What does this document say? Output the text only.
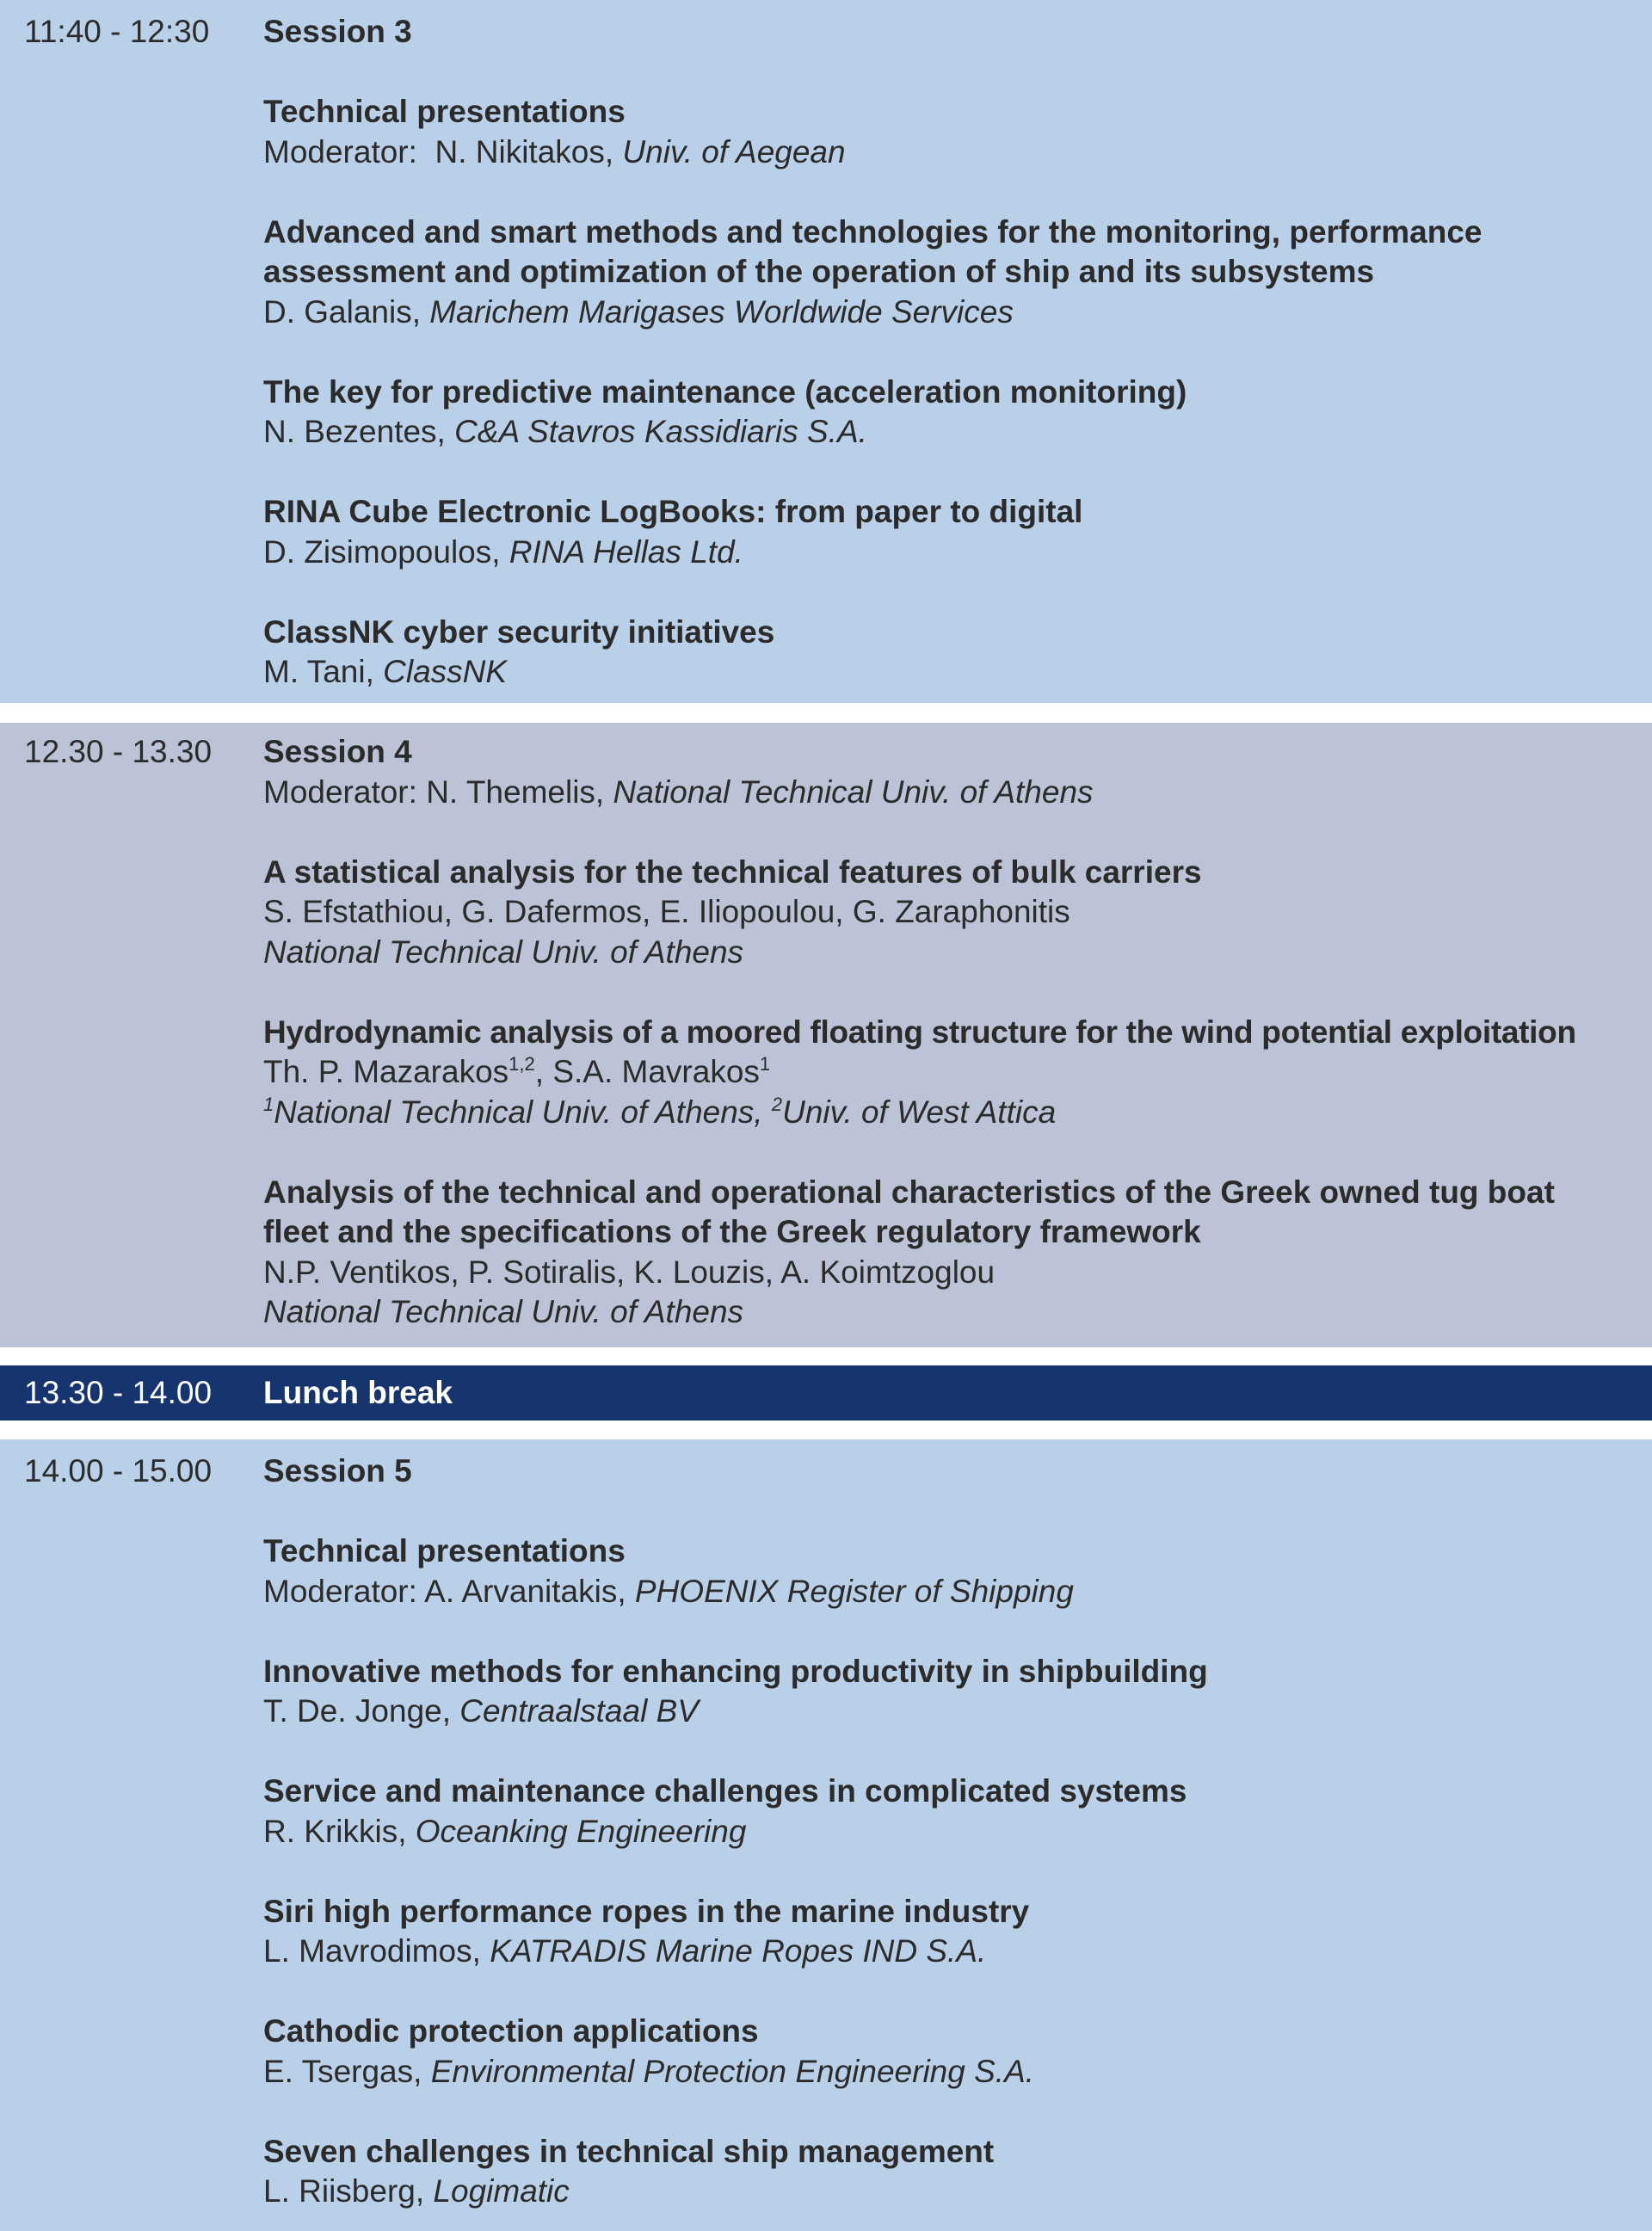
11:40 - 12:30 Session 3
Technical presentations
Moderator: N. Nikitakos, Univ. of Aegean
Advanced and smart methods and technologies for the monitoring, performance
assessment and optimization of the operation of ship and its subsystems
D. Galanis, Marichem Marigases Worldwide Services
The key for predictive maintenance (acceleration monitoring)
N. Bezentes, C&A Stavros Kassidiaris S.A.
RINA Cube Electronic LogBooks: from paper to digital
D. Zisimopoulos, RINA Hellas Ltd.
ClassNK cyber security initiatives
M. Tani, ClassNK
12.30 - 13.30 Session 4
Moderator: N. Themelis, National Technical Univ. of Athens
A statistical analysis for the technical features of bulk carriers
S. Efstathiou, G. Dafermos, E. Iliopoulou, G. Zaraphonitis
National Technical Univ. of Athens
Hydrodynamic analysis of a moored floating structure for the wind potential exploitation
Th. P. Mazarakos$^{1,2}$, S.A. Mavrakos$^1$
$^1$National Technical Univ. of Athens, $^2$Univ. of West Attica
Analysis of the technical and operational characteristics of the Greek owned tug boat
fleet and the specifications of the Greek regulatory framework
N.P. Ventikos, P. Sotiralis, K. Louzis, A. Koimtzoglou
National Technical Univ. of Athens
13.30 - 14.00 Lunch break
14.00 - 15.00 Session 5
Technical presentations
Moderator: A. Arvanitakis, PHOENIX Register of Shipping
Innovative methods for enhancing productivity in shipbuilding
T. De. Jonge, Centraalstaal BV
Service and maintenance challenges in complicated systems
R. Krikkis, Oceanking Engineering
Siri high performance ropes in the marine industry
L. Mavrodimos, KATRADIS Marine Ropes IND S.A.
Cathodic protection applications
E. Tsergas, Environmental Protection Engineering S.A.
Seven challenges in technical ship management
L. Riisberg, Logimatic
